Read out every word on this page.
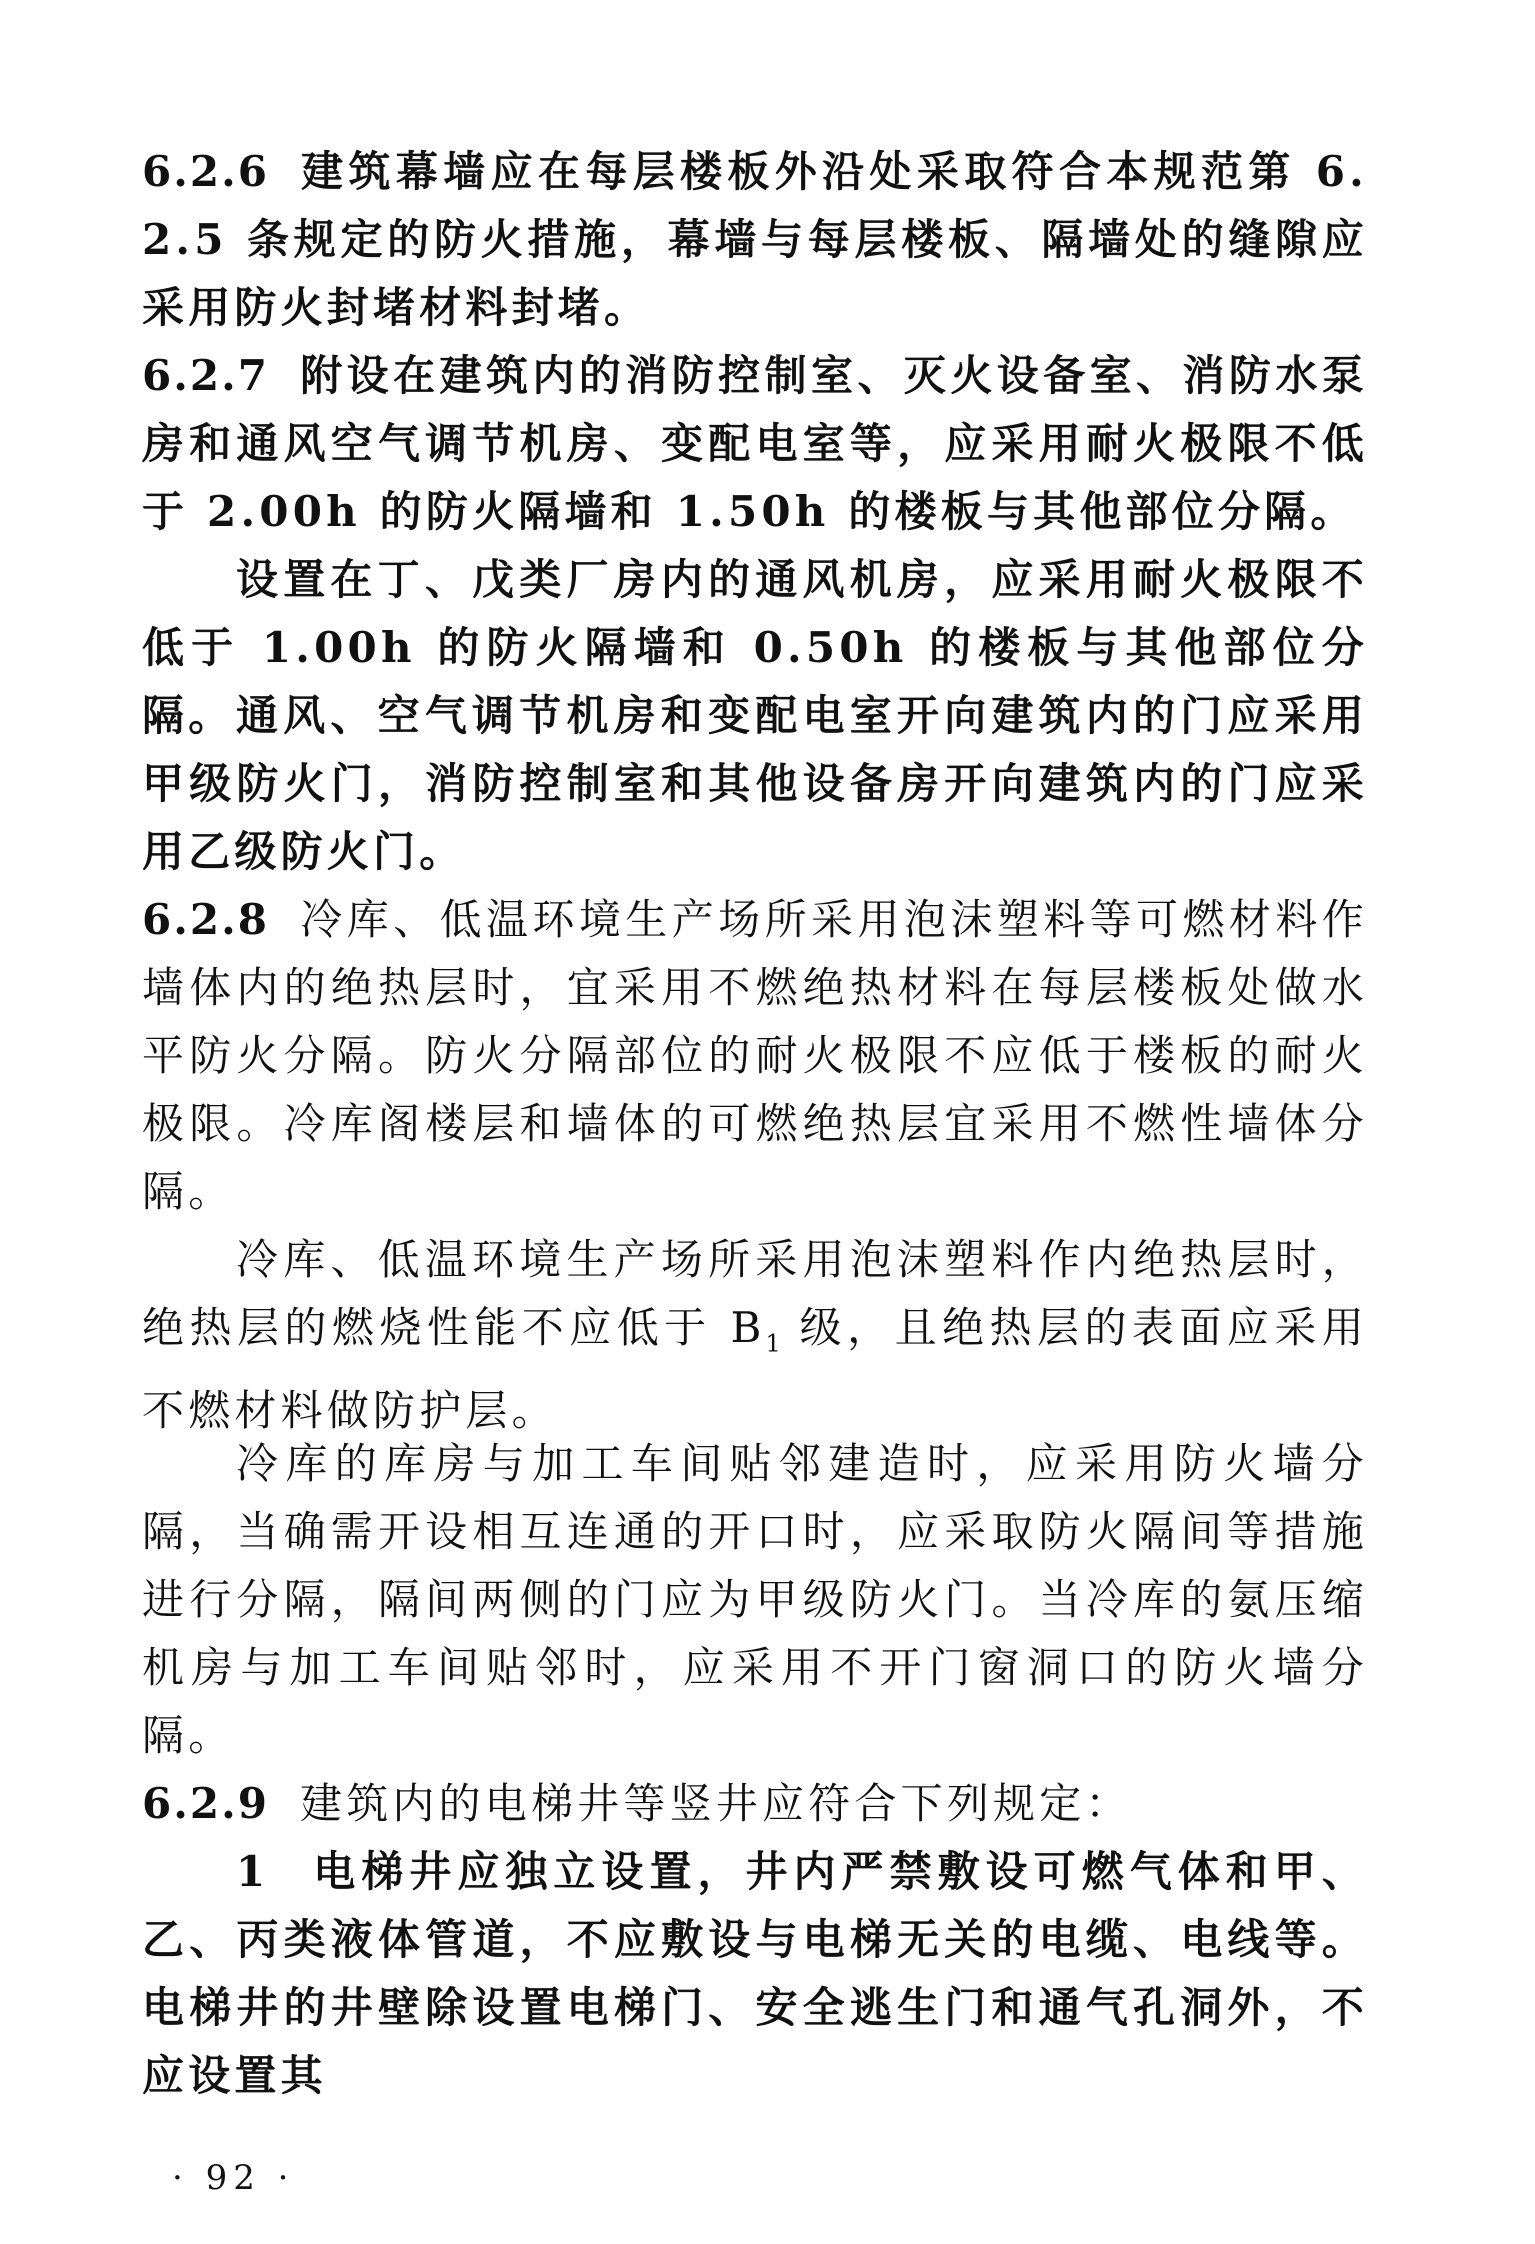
6.2.6 建筑幕墙应在每层楼板外沿处采取符合本规范第 6.2.5 条规定的防火措施，幕墙与每层楼板、隔墙处的缝隙应采用防火封堵材料封堵。

6.2.7 附设在建筑内的消防控制室、灭火设备室、消防水泵房和通风空气调节机房、变配电室等，应采用耐火极限不低于 2.00h 的防火隔墙和 1.50h 的楼板与其他部位分隔。

设置在丁、戊类厂房内的通风机房，应采用耐火极限不低于 1.00h 的防火隔墙和 0.50h 的楼板与其他部位分隔。 通风、空气调节机房和变配电室开向建筑内的门应采用甲级防火门，消防控制室和其他设备房开向建筑内的门应采用乙级防火门。

6.2.8 冷库、低温环境生产场所采用泡沫塑料等可燃材料作墙体内的绝热层时，宜采用不燃绝热材料在每层楼板处做水平防火分隔。防火分隔部位的耐火极限不应低于楼板的耐火极限。冷库阁楼层和墙体的可燃绝热层宜采用不燃性墙体分隔。

冷库、低温环境生产场所采用泡沫塑料作内绝热层时，绝热层的燃烧性能不应低于 $B_1$ 级，且绝热层的表面应采用不燃材料做防护层。

冷库的库房与加工车间贴邻建造时，应采用防火墙分隔，当确需开设相互连通的开口时，应采取防火隔间等措施进行分隔，隔间两侧的门应为甲级防火门。当冷库的氨压缩机房与加工车间贴邻时，应采用不开门窗洞口的防火墙分隔。

6.2.9 建筑内的电梯井等竖井应符合下列规定：

1 电梯井应独立设置，井内严禁敷设可燃气体和甲、乙、丙类液体管道，不应敷设与电梯无关的电缆、电线等。电梯井的井壁除设置电梯门、安全逃生门和通气孔洞外，不应设置其

· 92 ·
